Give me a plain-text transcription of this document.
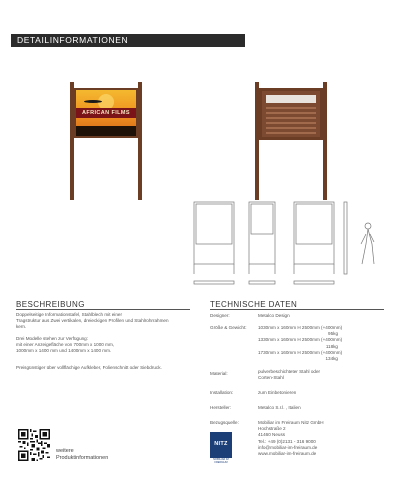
DETAILINFORMATIONEN
AFRICAN FILMS
BESCHREIBUNG
Doppelseitige Informationstafel, Stahlblech mit einer
Tragstruktur aus Zwei vertikalen, dreieckigen Profilen und Stahlrohrrahmen
kern.
Drei Modelle stehen zur Verfügung:
mit einer Anzeigefläche von 700mm x 1000 mm,
1000mm x 1400 mm und 1400mm x 1400 mm.
Preisgünstiger über vollflächige Aufkleber, Folienschnitt oder Siebdruck.
TECHNISCHE DATEN
Designer:	Metalco Design
Größe & Gewicht: 1030mm x 160mm H 2500mm (+400mm)
95kg
1330mm x 160mm H 2500mm (+400mm)
118kg
1730mm x 160mm H 2500mm (+400mm)
134kg
Material:	pulverbeschichteter Stahl oder
Corten-Stahl
Installation:	zum Einbetonieren
Hersteller:	Metalco S.r.l. , Italien
Bezugsquelle:	Mobiliar im Freiraum Nitz GmbH
Hochstraße 2
41460 Neuss
Tel.: +49 (0)2131 - 316 9000
info@mobiliar-im-freiraum.de
www.mobiliar-im-freiraum.de
NITZ
MOBILIAR IM FREIRAUM
weitere
Produktinformationen
